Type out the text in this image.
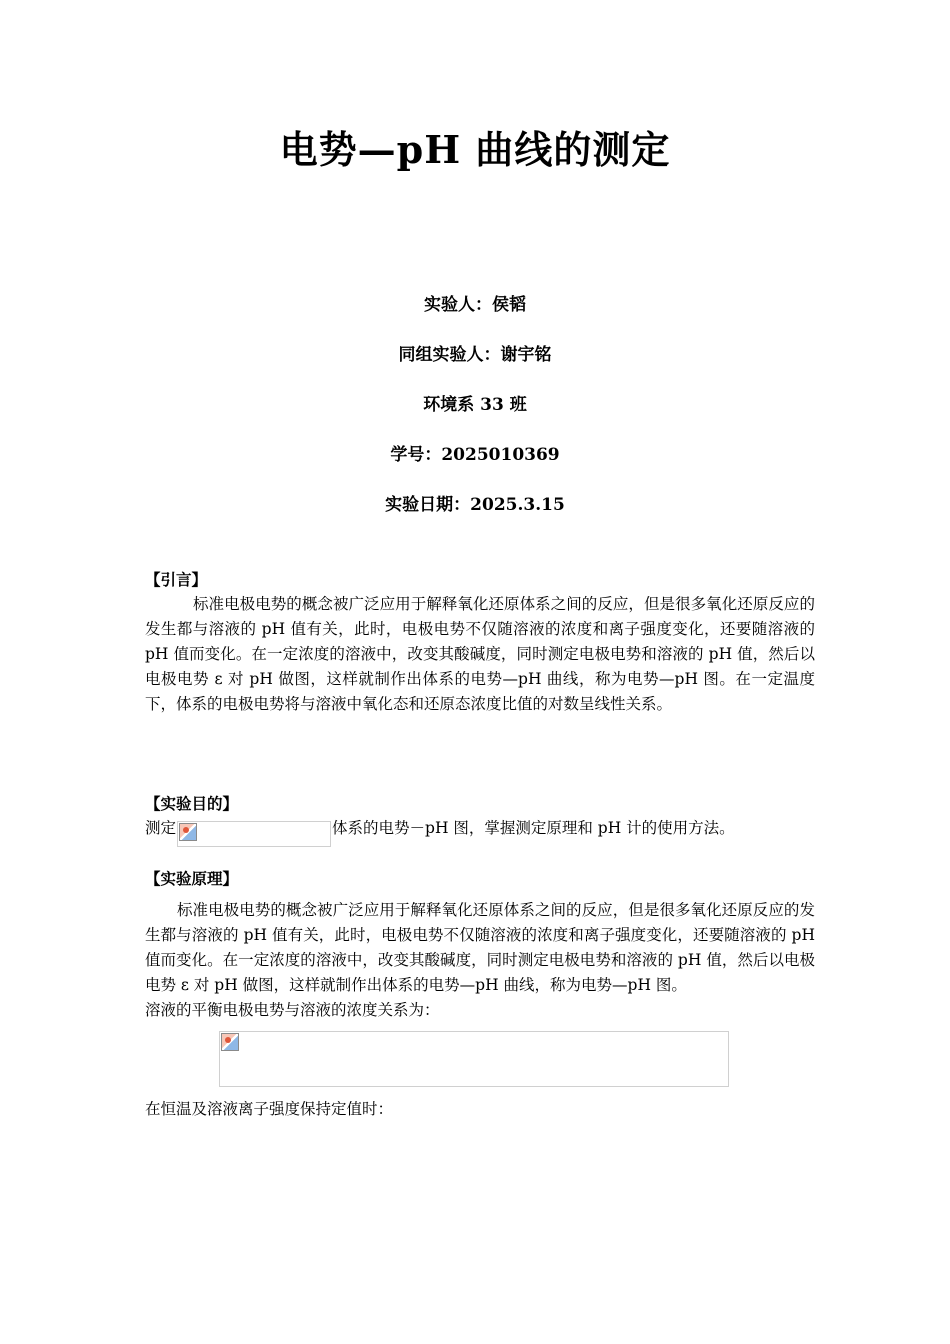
电势—pH 曲线的测定

实验人：侯韬

同组实验人：谢宇铭

环境系 33 班

学号：2025010369

实验日期：2025.3.15

【引言】

标准电极电势的概念被广泛应用于解释氧化还原体系之间的反应，但是很多氧化还原反应的发生都与溶液的 pH 值有关，此时，电极电势不仅随溶液的浓度和离子强度变化，还要随溶液的 pH 值而变化。在一定浓度的溶液中，改变其酸碱度，同时测定电极电势和溶液的 pH 值，然后以电极电势 ε 对 pH 做图，这样就制作出体系的电势—pH 曲线，称为电势—pH 图。在一定温度下，体系的电极电势将与溶液中氧化态和还原态浓度比值的对数呈线性关系。

【实验目的】

测定	体系的电势－pH 图，掌握测定原理和 pH 计的使用方法。

【实验原理】

标准电极电势的概念被广泛应用于解释氧化还原体系之间的反应，但是很多氧化还原反应的发生都与溶液的 pH 值有关，此时，电极电势不仅随溶液的浓度和离子强度变化，还要随溶液的 pH 值而变化。在一定浓度的溶液中，改变其酸碱度，同时测定电极电势和溶液的 pH 值，然后以电极电势 ε 对 pH 做图，这样就制作出体系的电势—pH 曲线，称为电势—pH 图。

溶液的平衡电极电势与溶液的浓度关系为：

在恒温及溶液离子强度保持定值时：
